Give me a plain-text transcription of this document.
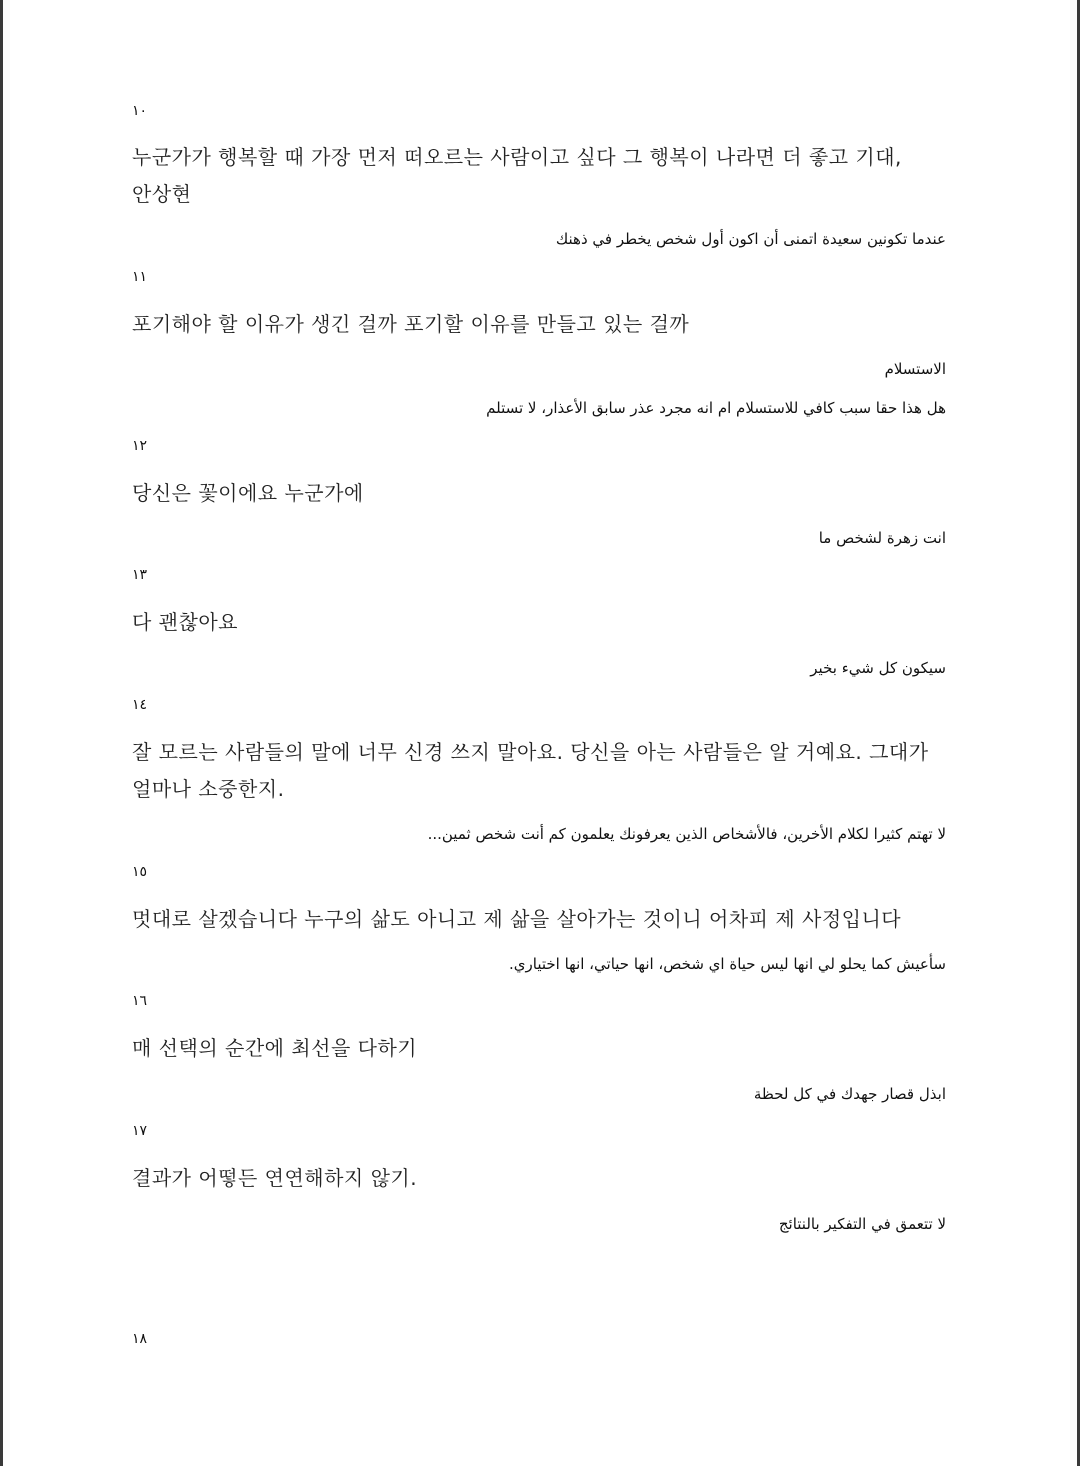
١٠
누군가가 행복할 때 가장 먼저 떠오르는 사람이고 싶다 그 행복이 나라면 더 좋고 기대,
안상현
عندما تكونين سعيدة اتمنى أن اكون أول شخص يخطر في ذهنك
١١
포기해야 할 이유가 생긴 걸까 포기할 이유를 만들고 있는 걸까
الاستسلام
هل هذا حقا سبب كافي للاستسلام ام انه مجرد عذر سابق الأعذار، لا تستلم
١٢
당신은 꽃이에요 누군가에
انت زهرة لشخص ما
١٣
다 괜찮아요
سيكون كل شيء بخير
١٤
잘 모르는 사람들의 말에 너무 신경 쓰지 말아요. 당신을 아는 사람들은 알 거예요. 그대가
얼마나 소중한지.
لا تهتم كثيرا لكلام الأخرين، فالأشخاص الذين يعرفونك يعلمون كم أنت شخص ثمين...
١٥
멋대로 살겠습니다 누구의 삶도 아니고 제 삶을 살아가는 것이니 어차피 제 사정입니다
سأعيش كما يحلو لي انها ليس حياة اي شخص، انها حياتي، انها اختياري.
١٦
매 선택의 순간에 최선을 다하기
ابذل قصار جهدك في كل لحظة
١٧
결과가 어떻든 연연해하지 않기.
لا تتعمق في التفكير بالنتائج
١٨
